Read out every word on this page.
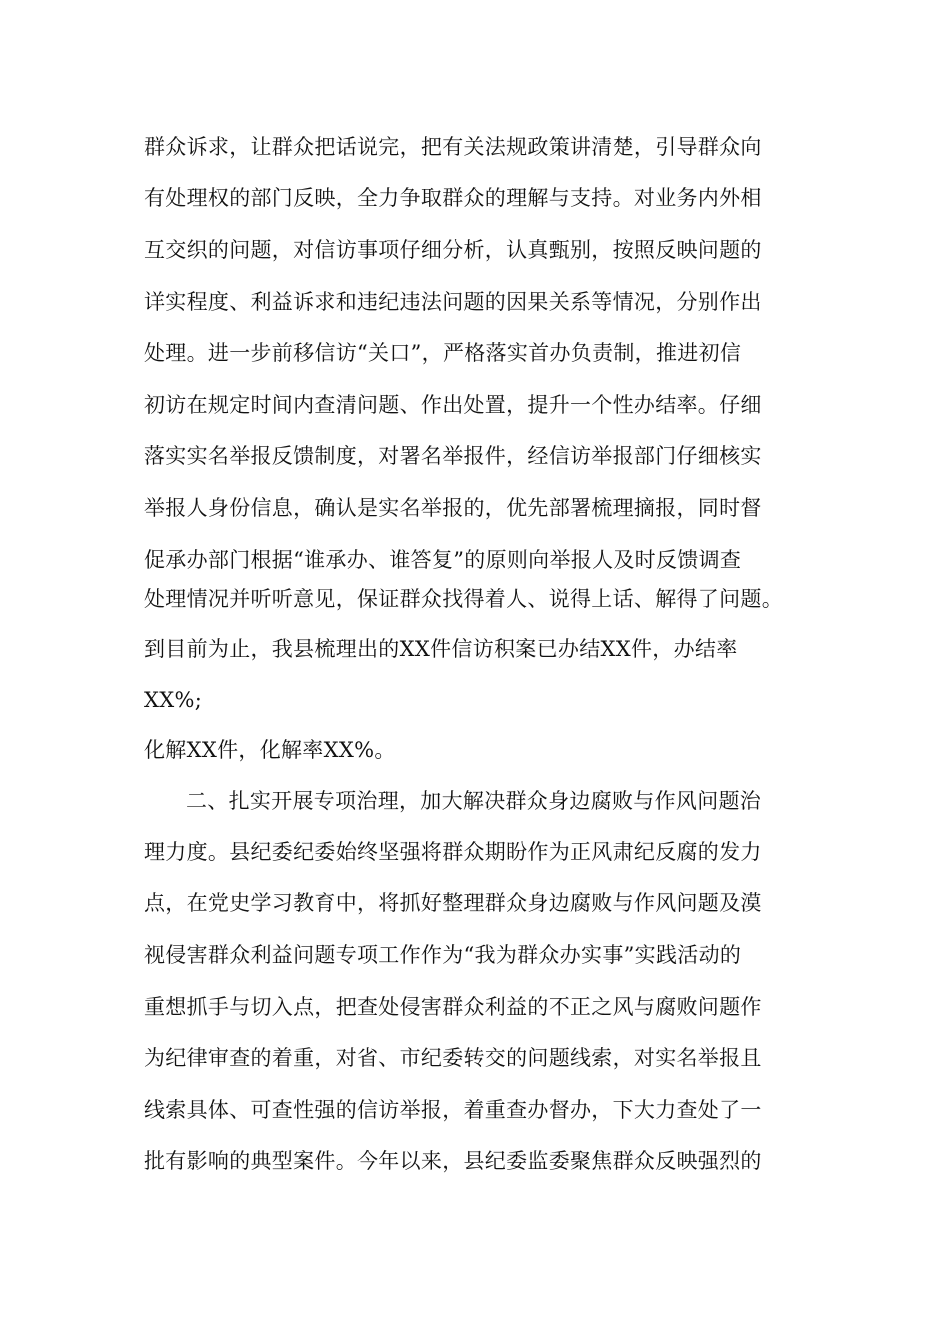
群众诉求，让群众把话说完，把有关法规政策讲清楚，引导群众向
有处理权的部门反映，全力争取群众的理解与支持。对业务内外相
互交织的问题，对信访事项仔细分析，认真甄别，按照反映问题的
详实程度、利益诉求和违纪违法问题的因果关系等情况，分别作出
处理。进一步前移信访“关口”，严格落实首办负责制，推进初信
初访在规定时间内查清问题、作出处置，提升一个性办结率。仔细
落实实名举报反馈制度，对署名举报件，经信访举报部门仔细核实
举报人身份信息，确认是实名举报的，优先部署梳理摘报，同时督
促承办部门根据“谁承办、谁答复”的原则向举报人及时反馈调查
处理情况并听听意见，保证群众找得着人、说得上话、解得了问题。
到目前为止，我县梳理出的XX件信访积案已办结XX件，办结率
XX%;
化解XX件，化解率XX%。
二、扎实开展专项治理，加大解决群众身边腐败与作风问题治
理力度。县纪委纪委始终坚强将群众期盼作为正风肃纪反腐的发力
点，在党史学习教育中，将抓好整理群众身边腐败与作风问题及漠
视侵害群众利益问题专项工作作为“我为群众办实事”实践活动的
重想抓手与切入点，把查处侵害群众利益的不正之风与腐败问题作
为纪律审查的着重，对省、市纪委转交的问题线索，对实名举报且
线索具体、可查性强的信访举报，着重查办督办，下大力查处了一
批有影响的典型案件。今年以来，县纪委监委聚焦群众反映强烈的
